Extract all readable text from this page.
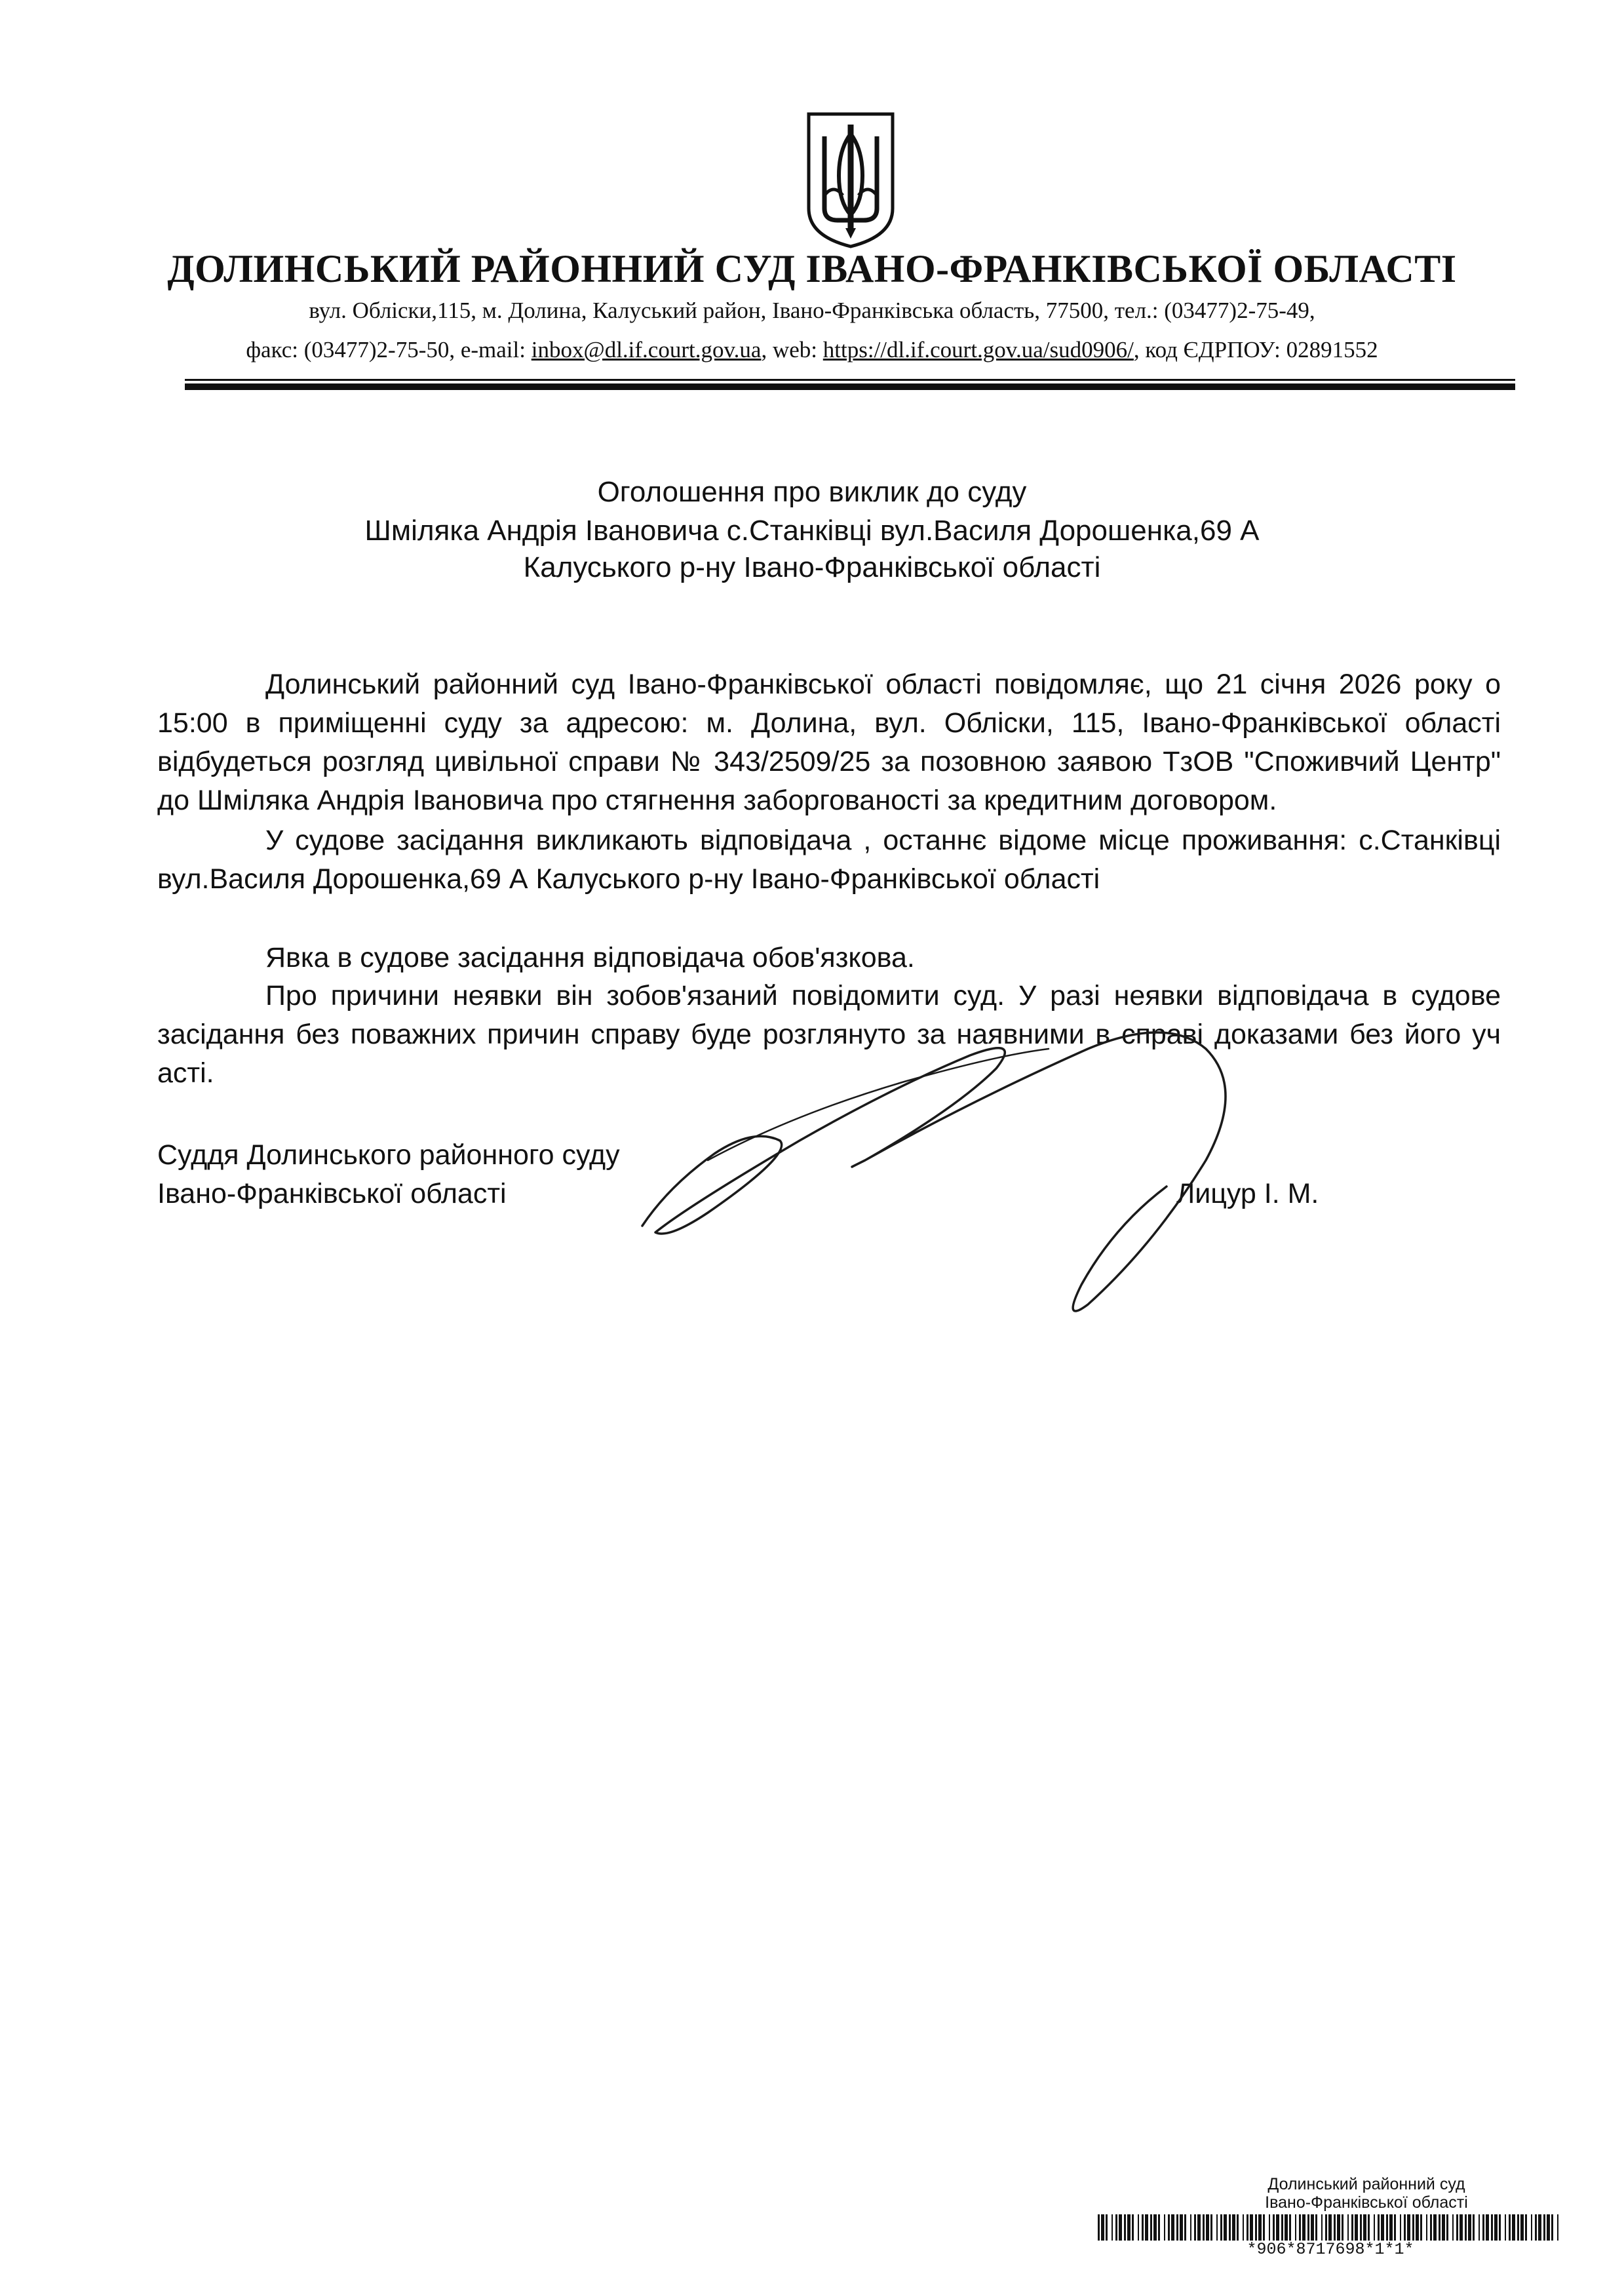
ДОЛИНСЬКИЙ РАЙОННИЙ СУД ІВАНО-ФРАНКІВСЬКОЇ ОБЛАСТІ
вул. Обліски,115, м. Долина, Калуський район, Івано-Франківська область, 77500, тел.: (03477)2-75-49,
факс: (03477)2-75-50, e-mail: inbox@dl.if.court.gov.ua, web: https://dl.if.court.gov.ua/sud0906/, код ЄДРПОУ: 02891552
Оголошення про виклик до суду
Шміляка Андрія Івановича с.Станківці вул.Василя Дорошенка,69 А
Калуського р-ну Івано-Франківської області
Долинський районний суд Івано-Франківської області повідомляє, що 21 січня 2026 року о 15:00 в приміщенні суду за адресою: м. Долина, вул. Обліски, 115, Івано-Франківської області відбудеться розгляд цивільної справи № 343/2509/25 за позовною заявою ТзОВ "Споживчий Центр" до Шміляка Андрія Івановича про стягнення заборгованості за кредитним договором.
У судове засідання викликають відповідача , останнє відоме місце проживання: с.Станківці вул.Василя Дорошенка,69 А Калуського р-ну Івано-Франківської області
Явка в судове засідання відповідача обов'язкова.
Про причини неявки він зобов'язаний повідомити суд. У разі неявки відповідача в судове засідання без поважних причин справу буде розглянуто за наявними в справі доказами без його уч асті.
Суддя Долинського районного суду
Івано-Франківської області	Лицур І. М.
Долинський районний суд
Івано-Франківської області
*906*8717698*1*1*
